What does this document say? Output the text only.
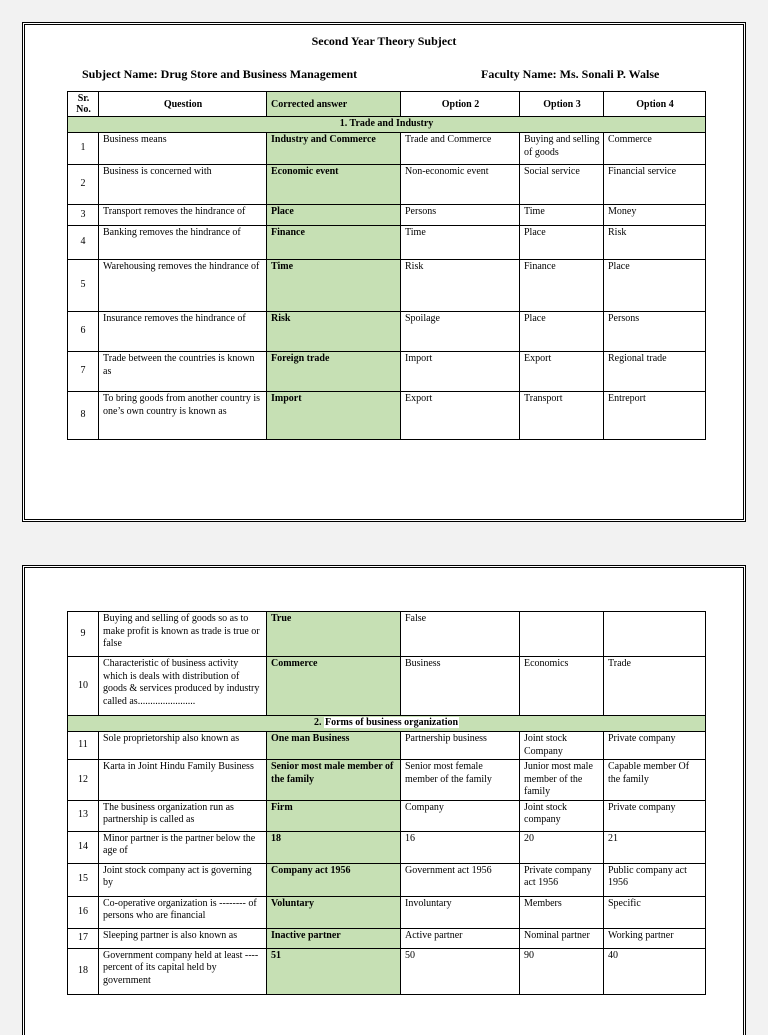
Second Year Theory Subject
Subject Name: Drug Store and Business Management	Faculty Name: Ms. Sonali P. Walse
Sr. No.	Question	Corrected answer	Option 2	Option 3	Option 4
1. Trade and Industry					
1	Business means	Industry and Commerce	Trade and Commerce	Buying and selling of goods	Commerce
2	Business is concerned with	Economic event	Non-economic event	Social service	Financial service
3	Transport removes the hindrance of	Place	Persons	Time	Money
4	Banking removes the hindrance of	Finance	Time	Place	Risk
5	Warehousing removes the hindrance of	Time	Risk	Finance	Place
6	Insurance removes the hindrance of	Risk	Spoilage	Place	Persons
7	Trade between the countries is known as	Foreign trade	Import	Export	Regional trade
8	To bring goods from another country is one’s own country is known as	Import	Export	Transport	Entreport
9	Buying and selling of goods so as to make profit is known as trade is true or false	True	False		
10	Characteristic of business activity which is deals with distribution of goods & services produced by industry called as.......................	Commerce	Business	Economics	Trade
2. Forms of business organization					
11	Sole proprietorship also known as	One man Business	Partnership business	Joint stock Company	Private company
12	Karta in Joint Hindu Family Business	Senior most male member of the family	Senior most female member of the family	Junior most male member of the family	Capable member Of the family
13	The business organization run as partnership is called as	Firm	Company	Joint stock company	Private company
14	Minor partner is the partner below the age of	18	16	20	21
15	Joint stock company act is governing by	Company act 1956	Government act 1956	Private company act 1956	Public company act 1956
16	Co-operative organization is -------- of persons who are financial	Voluntary	Involuntary	Members	Specific
17	Sleeping partner is also known as	Inactive partner	Active partner	Nominal partner	Working partner
18	Government company held at least ---- percent of its capital held by government	51	50	90	40
